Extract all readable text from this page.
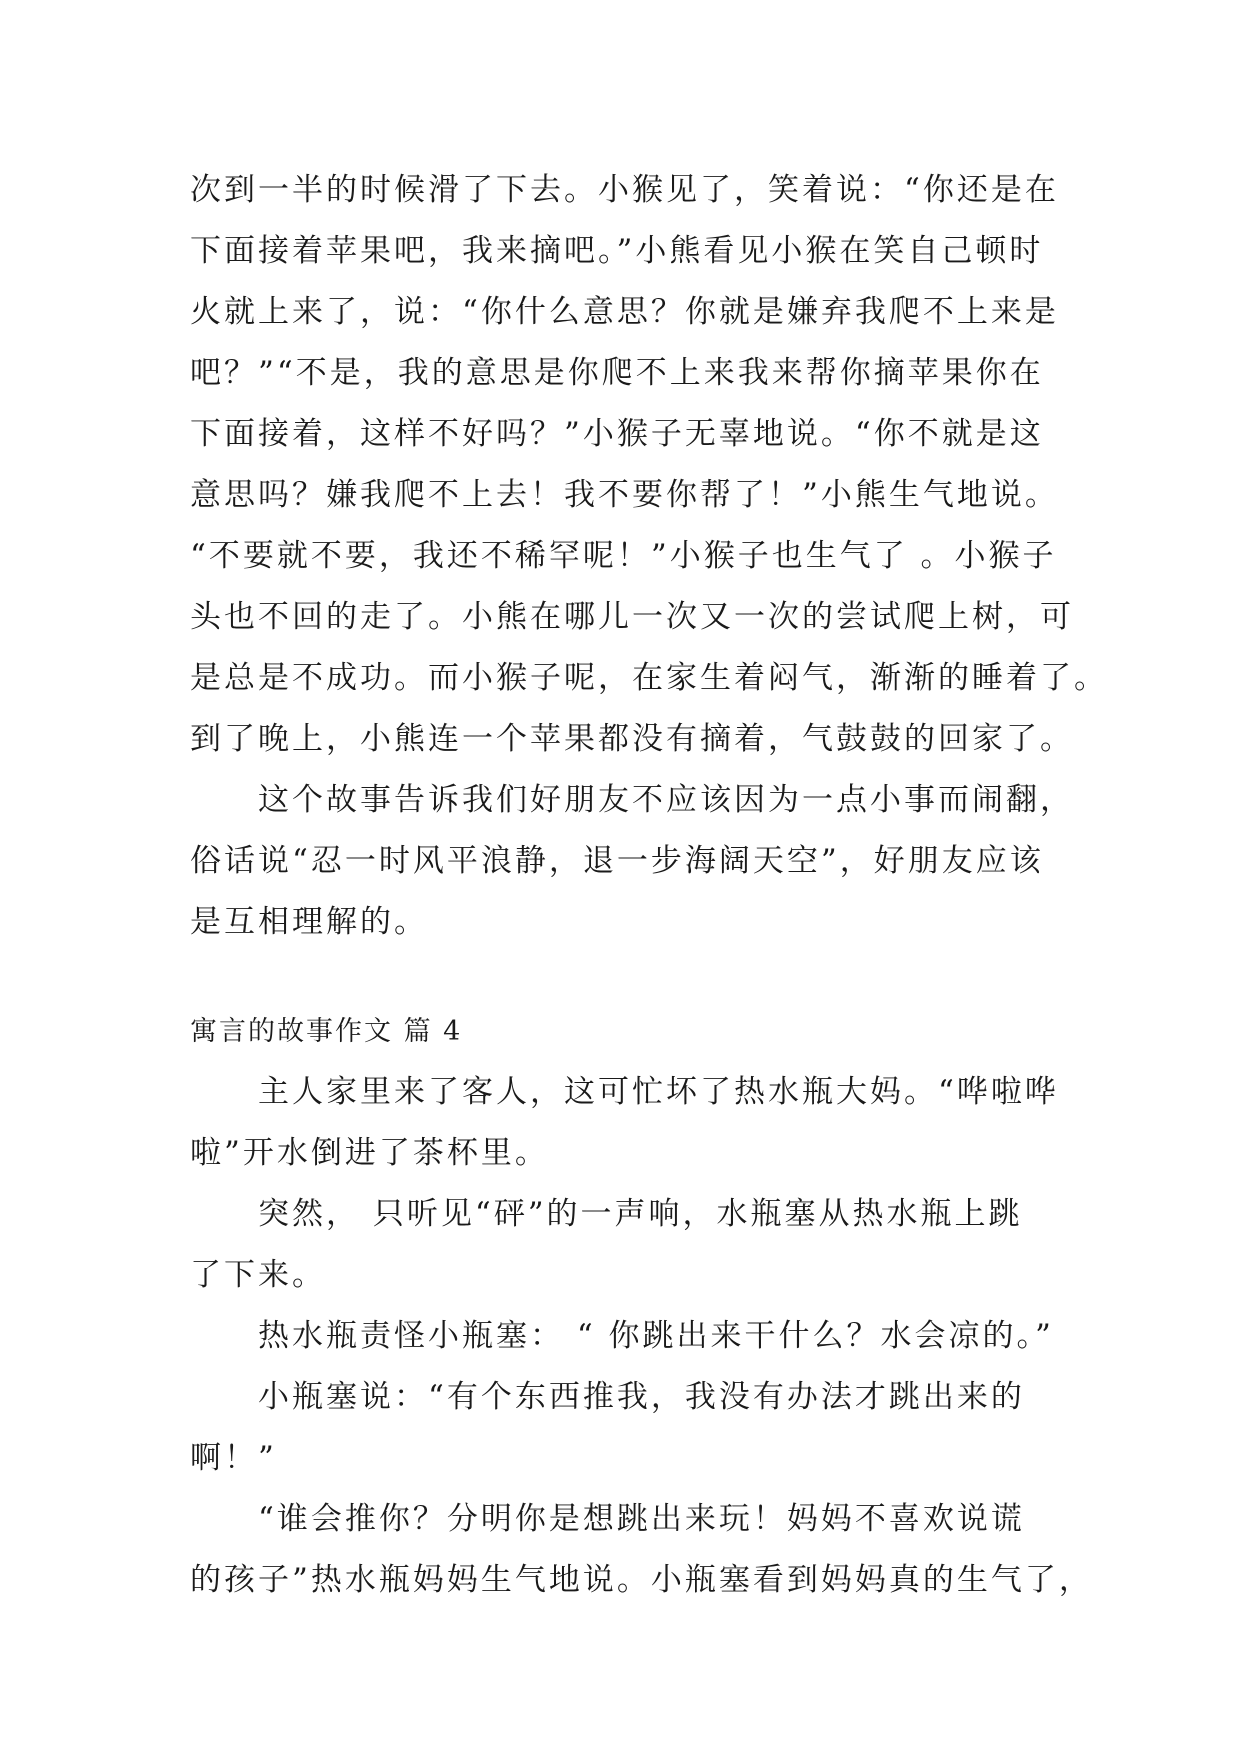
次到一半的时候滑了下去。小猴见了，笑着说：“你还是在
下面接着苹果吧，我来摘吧。”小熊看见小猴在笑自己顿时
火就上来了，说：“你什么意思？你就是嫌弃我爬不上来是
吧？”“不是，我的意思是你爬不上来我来帮你摘苹果你在
下面接着，这样不好吗？”小猴子无辜地说。“你不就是这
意思吗？嫌我爬不上去！我不要你帮了！”小熊生气地说。
“不要就不要，我还不稀罕呢！”小猴子也生气了 。小猴子
头也不回的走了。小熊在哪儿一次又一次的尝试爬上树，可
是总是不成功。而小猴子呢，在家生着闷气，渐渐的睡着了。
到了晚上，小熊连一个苹果都没有摘着，气鼓鼓的回家了。
这个故事告诉我们好朋友不应该因为一点小事而闹翻，
俗话说“忍一时风平浪静，退一步海阔天空”，好朋友应该
是互相理解的。
寓言的故事作文 篇 4
主人家里来了客人，这可忙坏了热水瓶大妈。“哗啦哗
啦”开水倒进了茶杯里。
突然， 只听见“砰”的一声响，水瓶塞从热水瓶上跳
了下来。
热水瓶责怪小瓶塞： “ 你跳出来干什么？水会凉的。”
小瓶塞说：“有个东西推我，我没有办法才跳出来的
啊！”
“谁会推你？分明你是想跳出来玩！妈妈不喜欢说谎
的孩子”热水瓶妈妈生气地说。小瓶塞看到妈妈真的生气了，
